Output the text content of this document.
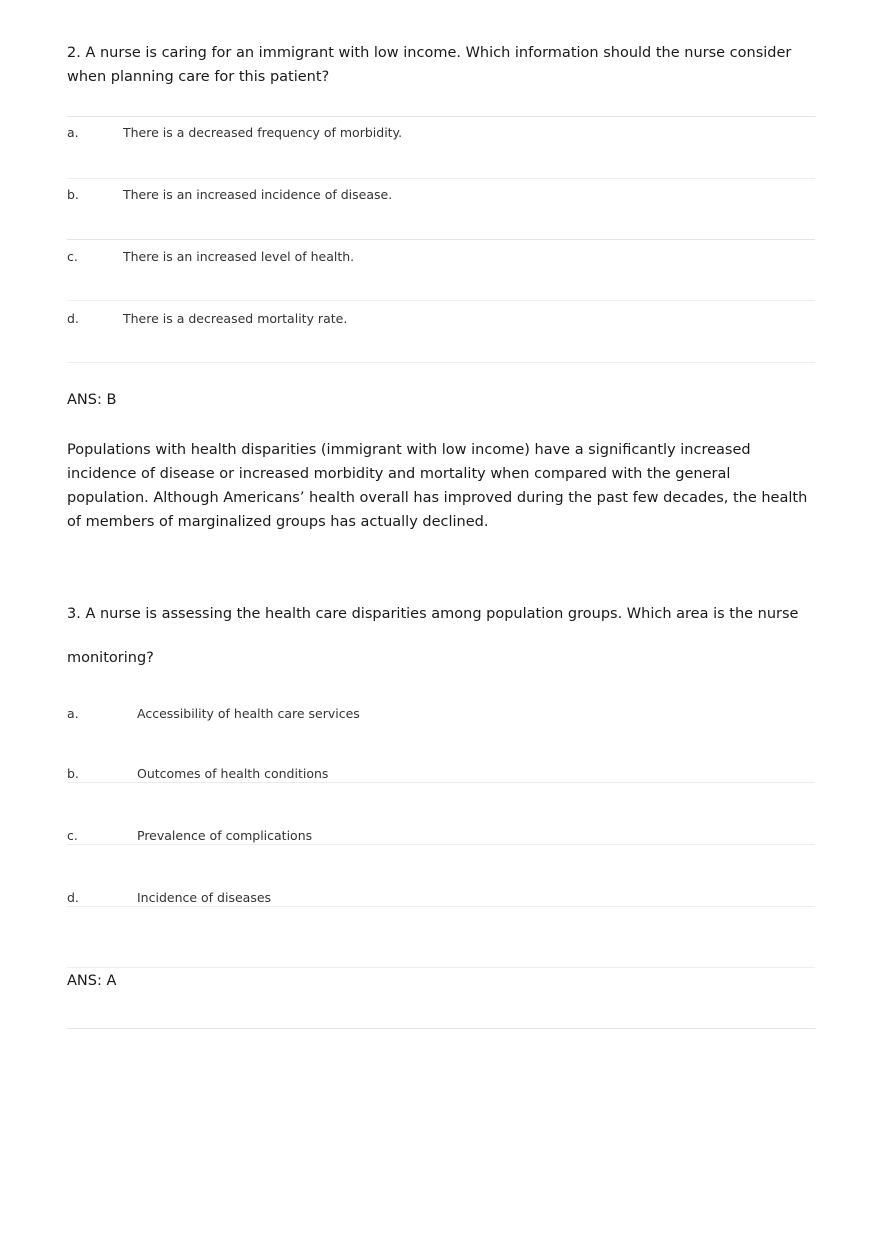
2. A nurse is caring for an immigrant with low income. Which information should the nurse consider when planning care for this patient?

a.	There is a decreased frequency of morbidity.
b.	There is an increased incidence of disease.
c.	There is an increased level of health.
d.	There is a decreased mortality rate.
ANS: B

Populations with health disparities (immigrant with low income) have a significantly increased incidence of disease or increased morbidity and mortality when compared with the general population. Although Americans’ health overall has improved during the past few decades, the health of members of marginalized groups has actually declined.

3. A nurse is assessing the health care disparities among population groups. Which area is the nurse
monitoring?
a.	Accessibility of health care services
b.	Outcomes of health conditions
c.	Prevalence of complications
d.	Incidence of diseases
ANS: A
